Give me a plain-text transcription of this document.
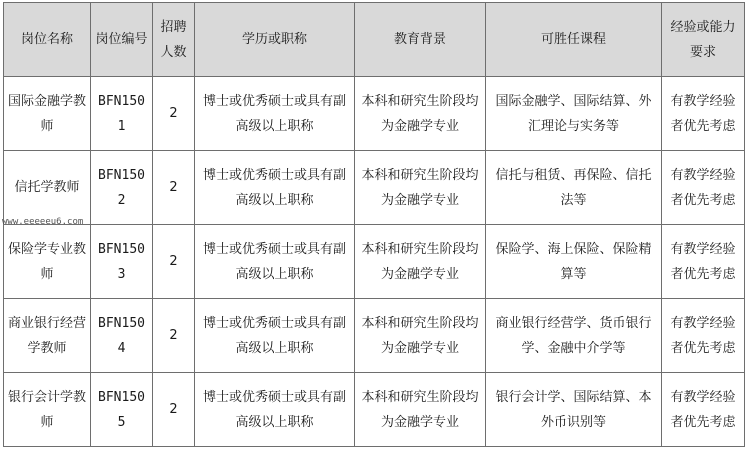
岗位名称	岗位编号	招聘人数	学历或职称	教育背景	可胜任课程	经验或能力要求
国际金融学教师	BFN1501	2	博士或优秀硕士或具有副高级以上职称	本科和研究生阶段均为金融学专业	国际金融学、国际结算、外汇理论与实务等	有教学经验者优先考虑
信托学教师	BFN1502	2	博士或优秀硕士或具有副高级以上职称	本科和研究生阶段均为金融学专业	信托与租赁、再保险、信托法等	有教学经验者优先考虑
保险学专业教师	BFN1503	2	博士或优秀硕士或具有副高级以上职称	本科和研究生阶段均为金融学专业	保险学、海上保险、保险精算等	有教学经验者优先考虑
商业银行经营学教师	BFN1504	2	博士或优秀硕士或具有副高级以上职称	本科和研究生阶段均为金融学专业	商业银行经营学、货币银行学、金融中介学等	有教学经验者优先考虑
银行会计学教师	BFN1505	2	博士或优秀硕士或具有副高级以上职称	本科和研究生阶段均为金融学专业	银行会计学、国际结算、本外币识别等	有教学经验者优先考虑
www.eeeeeu6.com
